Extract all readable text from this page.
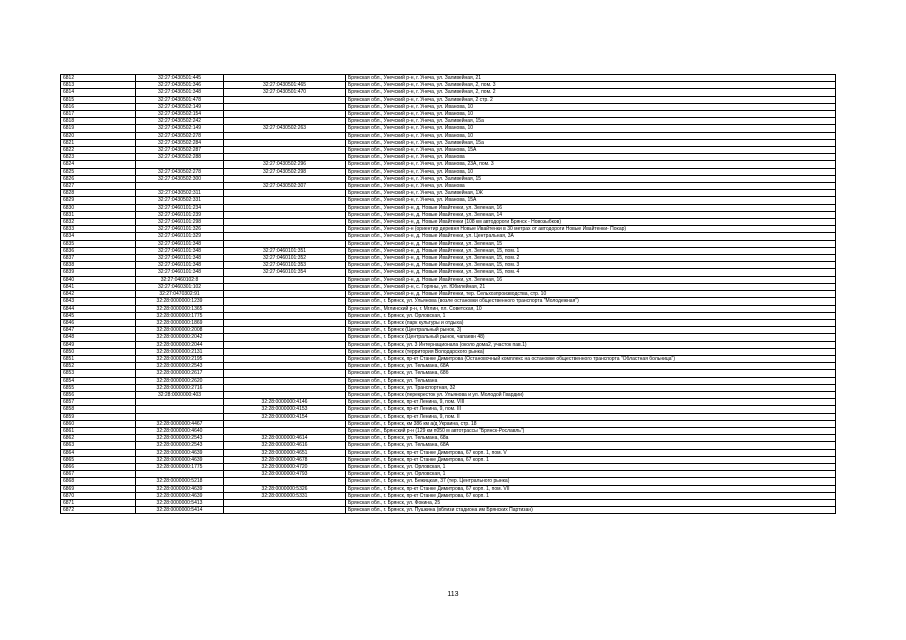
6812	32:27:0430501:445		Брянская обл., Унечский р-н, г. Унеча, ул. Заливейная, 21
6813	32:27:0430501:346	32:27:0430501:465	Брянская обл., Унечский р-н, г. Унеча, ул. Заливейная, 2, пом. 3
6814	32:27:0430501:348	32:27:0430501:470	Брянская обл., Унечский р-н, г. Унеча, ул. Заливейная, 2, пом. 2
6815	32:27:0430501:478		Брянская обл., Унечский р-н, г. Унеча, ул. Заливейная, 2 стр. 2
6816	32:27:0430502:149		Брянская обл., Унечский р-н, г. Унеча, ул. Иванова, 10
6817	32:27:0430502:154		Брянская обл., Унечский р-н, г. Унеча, ул. Иванова, 10
6818	32:27:0430502:242		Брянская обл., Унечский р-н, г. Унеча, ул. Заливейная, 15а
6819	32:27:0430502:149	32:27:0430502:263	Брянская обл., Унечский р-н, г. Унеча, ул. Иванова, 10
6820	32:27:0430502:278		Брянская обл., Унечский р-н, г. Унеча, ул. Иванова, 10
6821	32:27:0430502:284		Брянская обл., Унечский р-н, г. Унеча, ул. Заливейная, 15а
6822	32:27:0430502:287		Брянская обл., Унечский р-н, г. Унеча, ул. Иванова, 15А
6823	32:27:0430502:288		Брянская обл., Унечский р-н, г. Унеча, ул. Иванова
6824		32:27:0430502:296	Брянская обл., Унечский р-н, г. Унеча, ул. Иванова, 23А, пом. 3
6825	32:27:0430502:278	32:27:0430502:298	Брянская обл., Унечский р-н, г. Унеча, ул. Иванова, 10
6826	32:27:0430502:300		Брянская обл., Унечский р-н, г. Унеча, ул. Заливейная, 15
6827		32:27:0430502:307	Брянская обл., Унечский р-н, г. Унеча, ул. Иванова
6828	32:27:0430502:311		Брянская обл., Унечский р-н, г. Унеча, ул. Заливейная, 1Ж
6829	32:27:0430502:331		Брянская обл., Унечский р-н, г. Унеча, ул. Иванова, 15А
6830	32:27:0460101:234		Брянская обл., Унечский р-н, д. Новые Ивайтенки, ул. Зеленая, 16
6831	32:27:0460101:239		Брянская обл., Унечский р-н, д. Новые Ивайтенки, ул. Зеленая, 14
6832	32:27:0460101:298		Брянская обл., Унечский р-н, д. Новые Ивайтенки (108 км автодороги Брянск - Новозыбков)
6833	32:27:0460101:326		Брянская обл., Унечский р-н (ориентир деревня Новые Ивайтенки в 30 метрах от автодороги Новые Ивайтенки- Покар)
6834	32:27:0460101:329		Брянская обл., Унечский р-н, д. Новые Ивайтенки, ул. Центральная, 3А
6835	32:27:0460101:348		Брянская обл., Унечский р-н, д. Новые Ивайтенки, ул. Зеленая, 15
6836	32:27:0460101:348	32:27:0460101:351	Брянская обл., Унечский р-н, д. Новые Ивайтенки, ул. Зеленая, 15, пом. 1
6837	32:27:0460101:348	32:27:0460101:352	Брянская обл., Унечский р-н, д. Новые Ивайтенки, ул. Зеленая, 15, пом. 2
6838	32:27:0460101:348	32:27:0460101:353	Брянская обл., Унечский р-н, д. Новые Ивайтенки, ул. Зеленая, 15, пом. 3
6839	32:27:0460101:348	32:27:0460101:354	Брянская обл., Унечский р-н, д. Новые Ивайтенки, ул. Зеленая, 15, пом. 4
6840	32:27:0460102:8		Брянская обл., Унечский р-н, д. Новые Ивайтенки, ул. Зеленая, 16
6841	32:27:0460301:102		Брянская обл., Унечский р-н, с. Горяны, ул. Юбилейная, 21
6842	32:27:0470302:91		Брянская обл., Унечский р-н, д. Новые Ивайтенки, тер. Сельхозпроизводства, стр. 10
6843	32:28:0000000:1239		Брянская обл., г. Брянск, ул. Ульянова (возле остановки общественного транспорта "Молодежная")
6844	32:28:0000000:1365		Брянская обл., Мглинский р-н, г. Мглин, пл. Советская, 10
6845	32:28:0000000:1775		Брянская обл., г. Брянск, ул. Орловская, 1
6846	32:28:0000000:1869		Брянская обл., г. Брянск (парк культуры и отдыха)
6847	32:28:0000000:2008		Брянская обл., г. Брянск (Центральный рынок, 3)
6848	32:28:0000000:2042		Брянская обл., г. Брянск (Центральный рынок, чапаевн 48)
6849	32:28:0000000:2044		Брянская обл., г. Брянск, ул. 3 Интернационала (около дома2, участок пав.1)
6850	32:28:0000000:2131		Брянская обл., г. Брянск (территория Володарского рынка)
6851	32:28:0000000:2195		Брянская обл., г. Брянск, пр-кт Станке Димитрова (Остановочный комплекс на остановке общественного транспорта "Областная больница")
6852	32:28:0000000:2543		Брянская обл., г. Брянск, ул. Тельмана, 68А
6853	32:28:0000000:2617		Брянская обл., г. Брянск, ул. Тельмана, 68б
6854	32:28:0000000:2620		Брянская обл., г. Брянск, ул. Тельмана
6855	32:28:0000000:2716		Брянская обл., г. Брянск, ул. Транспортная, 32
6856	32:28:0000000:403		Брянская обл., г. Брянск (перекресток ул. Ульянова и ул. Молодой Гвардии)
6857		32:28:0000000:4146	Брянская обл., г. Брянск, пр-кт Ленина, 9, пом. VIII
6858		32:28:0000000:4153	Брянская обл., г. Брянск, пр-кт Ленина, 9, пом. III
6859		32:28:0000000:4154	Брянская обл., г. Брянск, пр-кт Ленина, 9, пом. II
6860	32:28:0000000:4467		Брянская обл., г. Брянск, км 386 км а/д Украина, стр. 18
6861	32:28:0000000:4640		Брянская обл., Брянский р-н (129 км п050 м автотрассы "Брянск-Рославль")
6862	32:28:0000000:2543	32:28:0000000:4614	Брянская обл., г. Брянск, ул. Тельмана, 68а
6863	32:28:0000000:2543	32:28:0000000:4616	Брянская обл., г. Брянск, ул. Тельмана, 68А
6864	32:28:0000000:4639	32:28:0000000:4651	Брянская обл., г. Брянск, пр-кт Станке Димитрова, 67 корп. 1, пом. V
6865	32:28:0000000:4639	32:28:0000000:4678	Брянская обл., г. Брянск, пр-кт Станке Димитрова, 67 корп. 1
6866	32:28:0000000:1775	32:28:0000000:4720	Брянская обл., г. Брянск, ул. Орловская, 1
6867		32:28:0000000:4793	Брянская обл., г. Брянск, ул. Орловская, 1
6868	32:28:0000000:5218		Брянская обл., г. Брянск, ул. Бежицкая, 37 (тер. Центрального рынка)
6869	32:28:0000000:4639	32:28:0000000:5326	Брянская обл., г. Брянск, пр-кт Станке Димитрова, 67 корп. 1, пом. VII
6870	32:28:0000000:4639	32:28:0000000:5331	Брянская обл., г. Брянск, пр-кт Станке Димитрова, 67 корп. 1
6871	32:28:0000000:5413		Брянская обл., г. Брянск, ул. Фокина, 25
6872	32:28:0000000:5414		Брянская обл., г. Брянск, ул. Пушкина (вблизи стадиона им Брянских Партизан)
113
